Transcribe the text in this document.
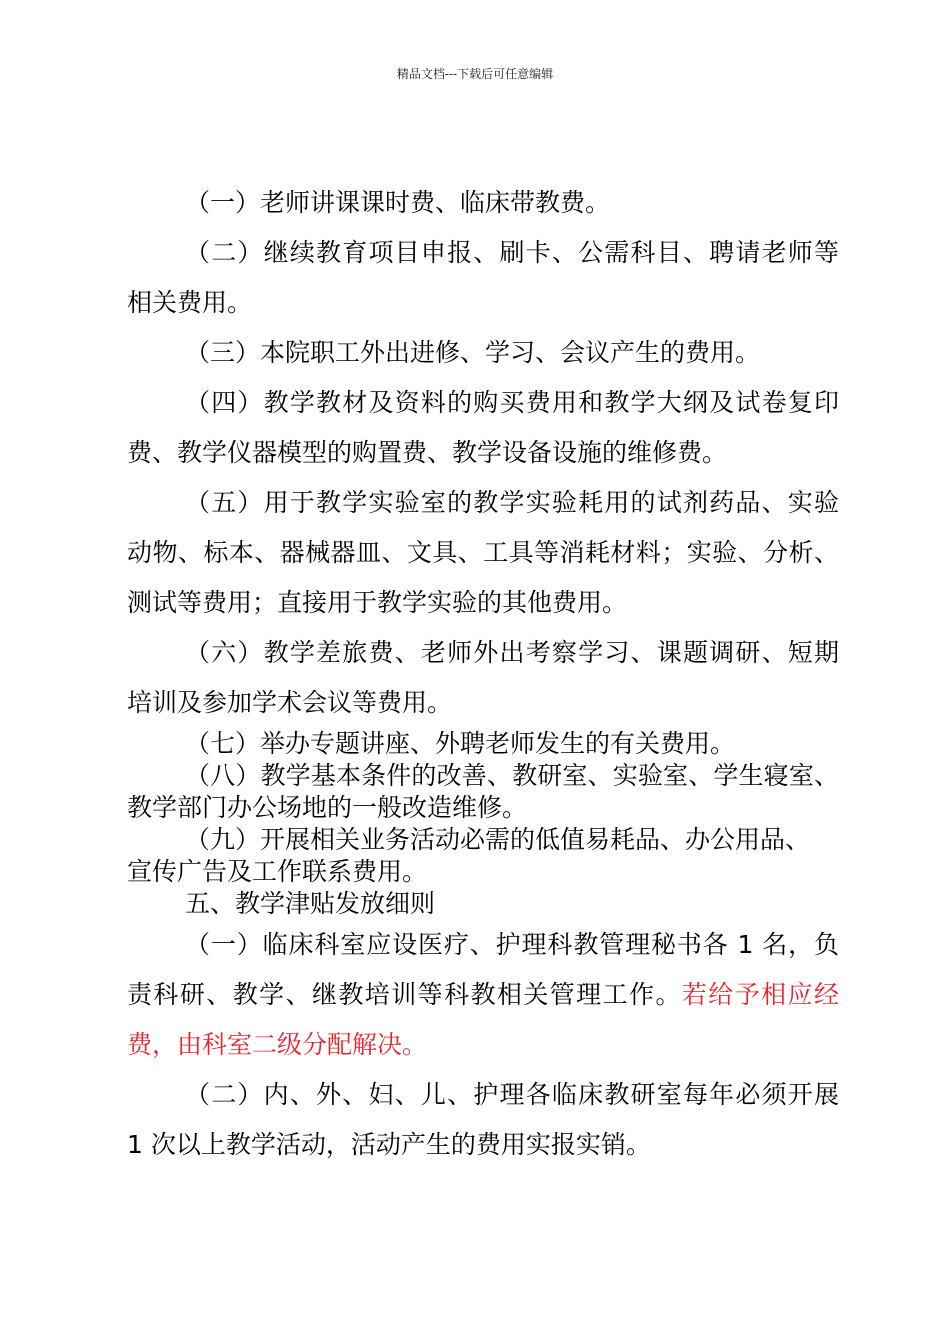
精品文档---下载后可任意编辑
（一）老师讲课课时费、临床带教费。
（二）继续教育项目申报、刷卡、公需科目、聘请老师等
相关费用。
（三）本院职工外出进修、学习、会议产生的费用。
（四）教学教材及资料的购买费用和教学大纲及试卷复印
费、教学仪器模型的购置费、教学设备设施的维修费。
（五）用于教学实验室的教学实验耗用的试剂药品、实验
动物、标本、器械器皿、文具、工具等消耗材料；实验、分析、
测试等费用；直接用于教学实验的其他费用。
（六）教学差旅费、老师外出考察学习、课题调研、短期
培训及参加学术会议等费用。
（七）举办专题讲座、外聘老师发生的有关费用。
（八）教学基本条件的改善、教研室、实验室、学生寝室、
教学部门办公场地的一般改造维修。
（九）开展相关业务活动必需的低值易耗品、办公用品、
宣传广告及工作联系费用。
五、教学津贴发放细则
（一）临床科室应设医疗、护理科教管理秘书各 1 名，负
责科研、教学、继教培训等科教相关管理工作。若给予相应经
费，由科室二级分配解决。
（二）内、外、妇、儿、护理各临床教研室每年必须开展
1 次以上教学活动，活动产生的费用实报实销。
